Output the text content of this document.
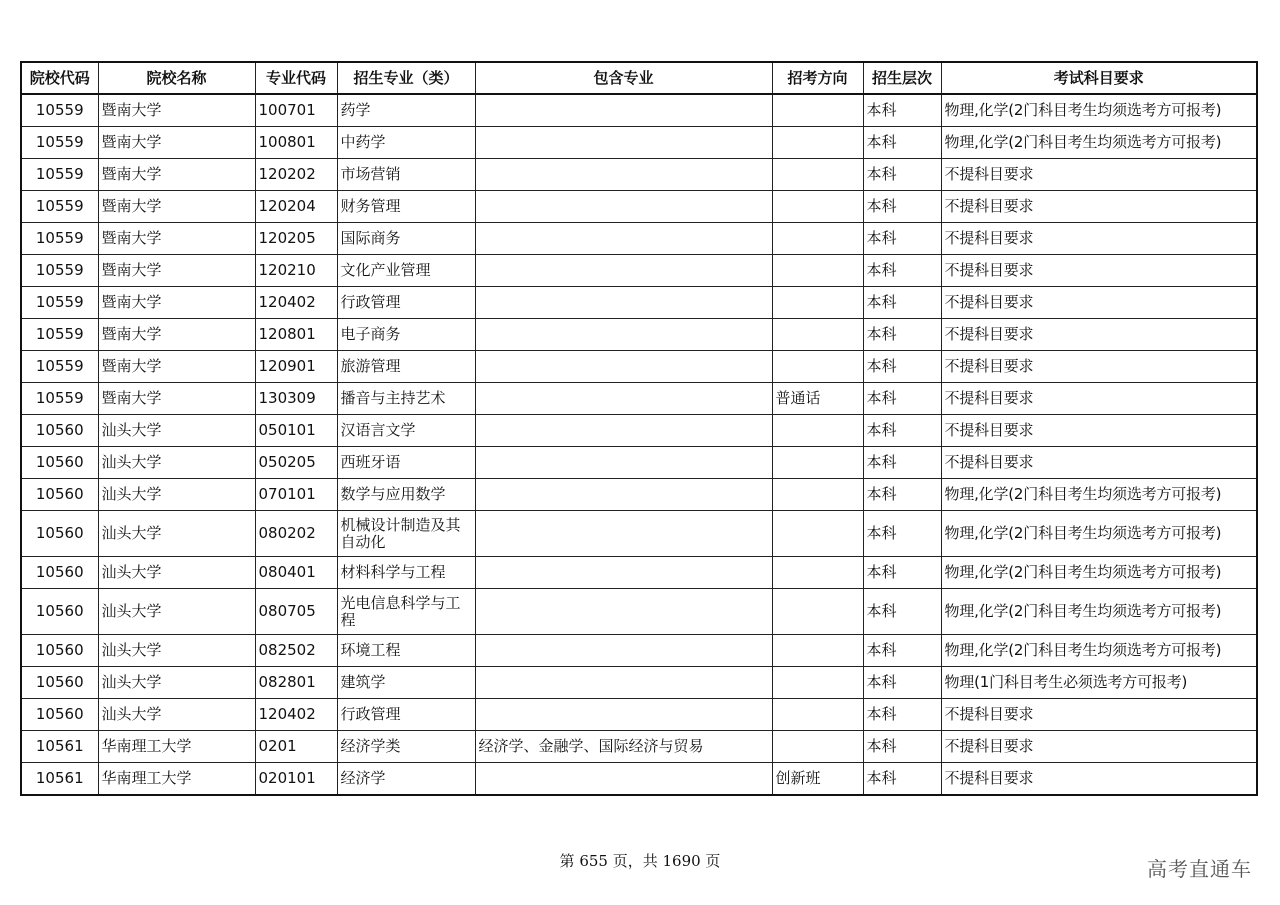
院校代码	院校名称	专业代码	招生专业（类）	包含专业	招考方向	招生层次	考试科目要求
10559	暨南大学	100701	药学			本科	物理,化学(2门科目考生均须选考方可报考)
10559	暨南大学	100801	中药学			本科	物理,化学(2门科目考生均须选考方可报考)
10559	暨南大学	120202	市场营销			本科	不提科目要求
10559	暨南大学	120204	财务管理			本科	不提科目要求
10559	暨南大学	120205	国际商务			本科	不提科目要求
10559	暨南大学	120210	文化产业管理			本科	不提科目要求
10559	暨南大学	120402	行政管理			本科	不提科目要求
10559	暨南大学	120801	电子商务			本科	不提科目要求
10559	暨南大学	120901	旅游管理			本科	不提科目要求
10559	暨南大学	130309	播音与主持艺术		普通话	本科	不提科目要求
10560	汕头大学	050101	汉语言文学			本科	不提科目要求
10560	汕头大学	050205	西班牙语			本科	不提科目要求
10560	汕头大学	070101	数学与应用数学			本科	物理,化学(2门科目考生均须选考方可报考)
10560	汕头大学	080202	机械设计制造及其自动化			本科	物理,化学(2门科目考生均须选考方可报考)
10560	汕头大学	080401	材料科学与工程			本科	物理,化学(2门科目考生均须选考方可报考)
10560	汕头大学	080705	光电信息科学与工程			本科	物理,化学(2门科目考生均须选考方可报考)
10560	汕头大学	082502	环境工程			本科	物理,化学(2门科目考生均须选考方可报考)
10560	汕头大学	082801	建筑学			本科	物理(1门科目考生必须选考方可报考)
10560	汕头大学	120402	行政管理			本科	不提科目要求
10561	华南理工大学	0201	经济学类	经济学、金融学、国际经济与贸易		本科	不提科目要求
10561	华南理工大学	020101	经济学		创新班	本科	不提科目要求
第 655 页，共 1690 页	高考直通车
